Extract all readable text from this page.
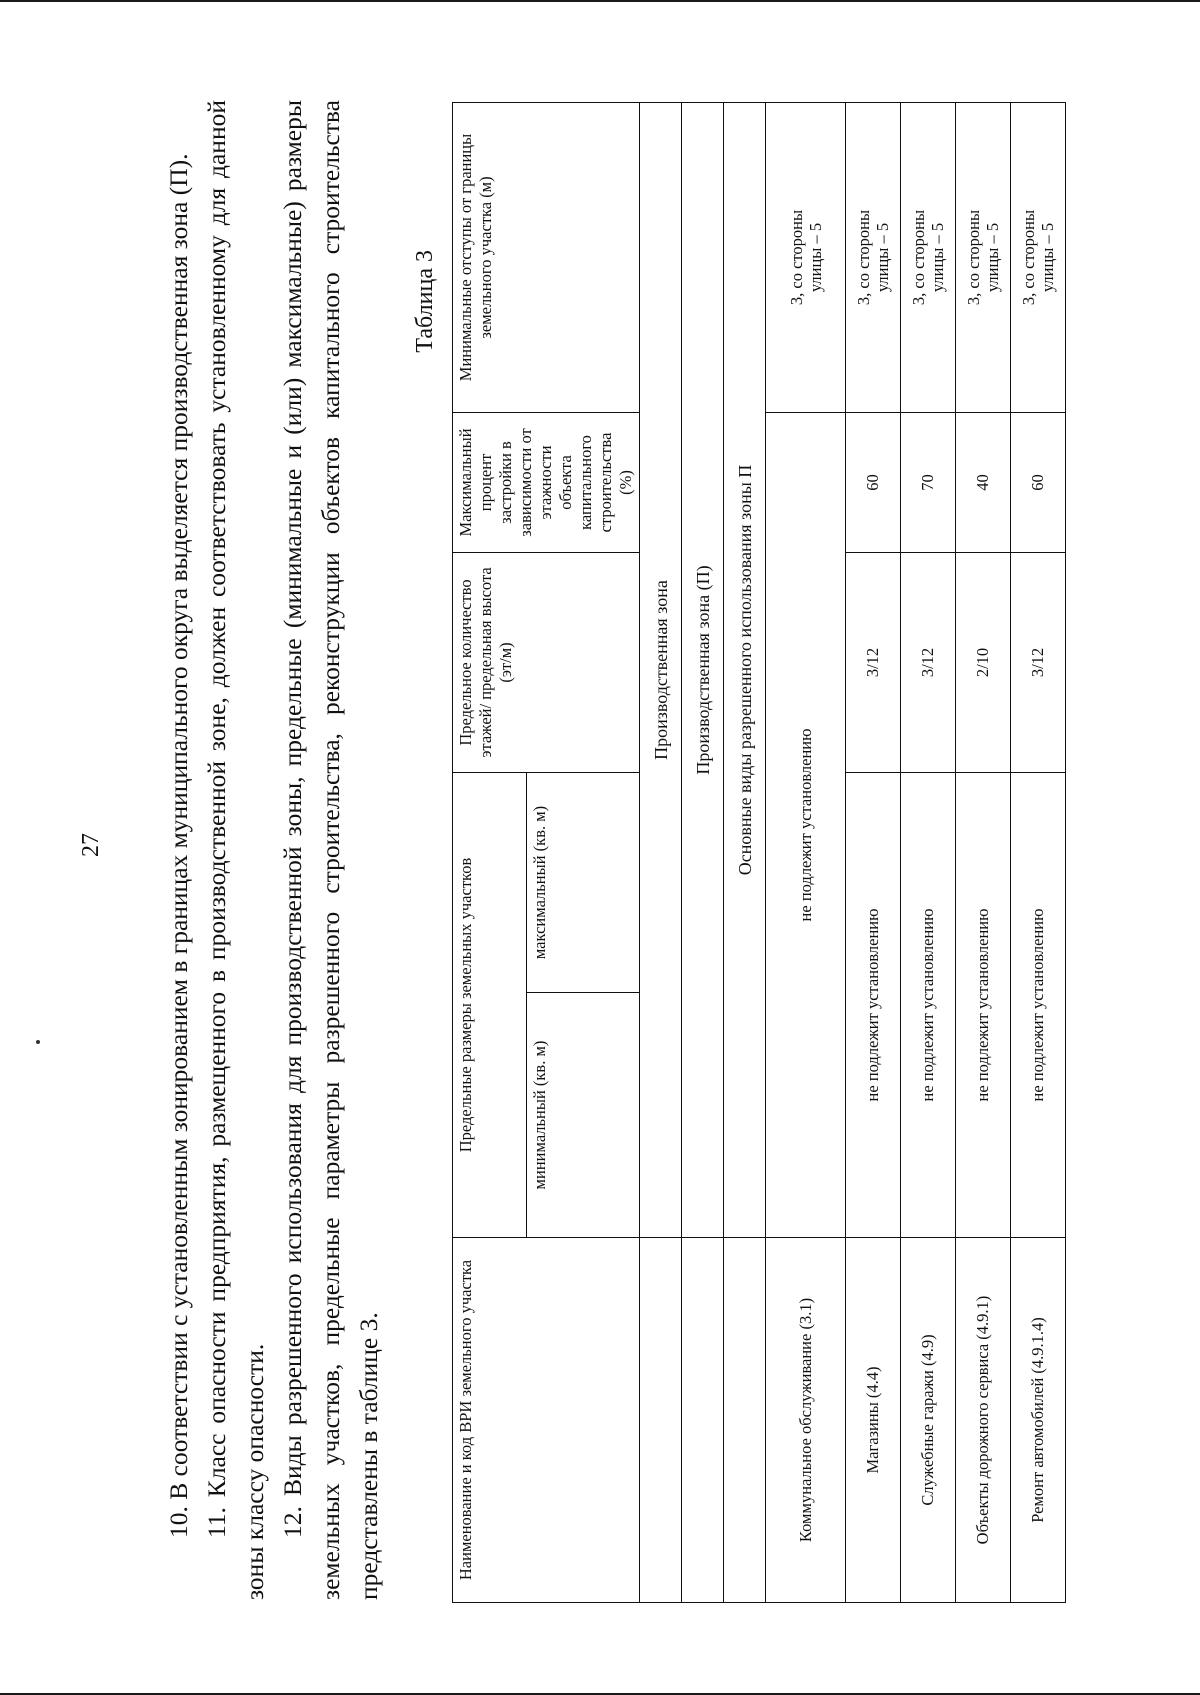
27 10. В соответствии с установленным зонированием в границах муниципального округа выделяется производственная зона (П). 11. Класс опасности предприятия, размещенного в производственной зоне, должен соответствовать установленному для данной зоны классу опасности. 12. Виды разрешенного использования для производственной зоны, предельные (минимальные и (или) максимальные) размеры земельных участков, предельные параметры разрешенного строительства, реконструкции объектов капитального строительства представлены в таблице 3.

Таблица 3
Наименование и код ВРИ земельного участка	Предельные размеры земельных участков		Предельное количество этажей/ предельная высота (эт/м)	Максимальный процент застройки в зависимости от этажности объекта капитального строительства (%)	Минимальные отступы от границы земельного участка (м)
	минимальный (кв. м)	максимальный (кв. м)			
	Производственная зона				
	Производственная зона (П)				
	Основные виды разрешенного использования зоны П				
Коммунальное обслуживание (3.1)	не подлежит установлению				3, со стороны
улицы – 5
Магазины (4.4)	не подлежит установлению		3/12	60	3, со стороны
улицы – 5
Служебные гаражи (4.9)	не подлежит установлению		3/12	70	3, со стороны
улицы – 5
Объекты дорожного сервиса (4.9.1)	не подлежит установлению		2/10	40	3, со стороны
улицы – 5
Ремонт автомобилей (4.9.1.4)	не подлежит установлению		3/12	60	3, со стороны
улицы – 5
